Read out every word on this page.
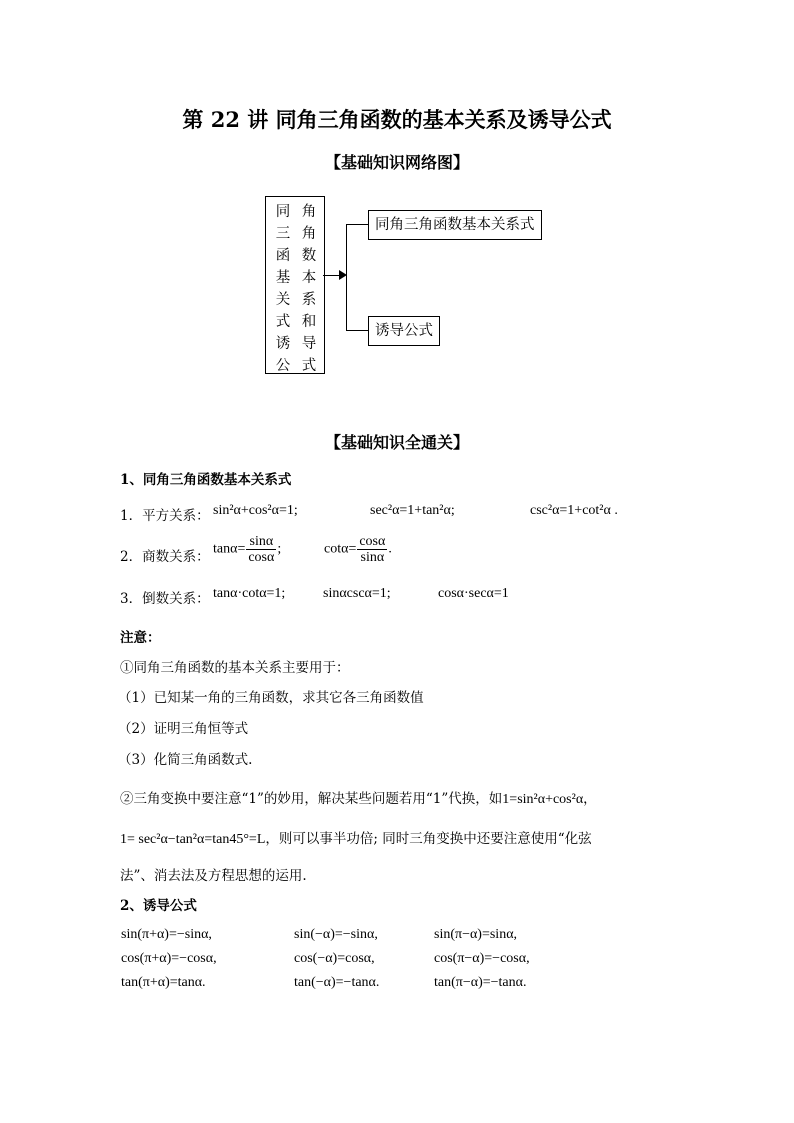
第 22 讲 同角三角函数的基本关系及诱导公式
【基础知识网络图】
同
三
函
基
关
式
诱
公
角
角
数
本
系
和
导
式
同角三角函数基本关系式
诱导公式
【基础知识全通关】
1、同角三角函数基本关系式
1．平方关系： sin²α+cos²α=1;	sec²α=1+tan²α;	csc²α=1+cot²α .
2．商数关系： $\tan\alpha= \frac{\sin\alpha}{\cos\alpha}$ ;	$\cot\alpha= \frac{\cos\alpha}{\sin\alpha}$ .
3．倒数关系： tanα·cotα=1;	sinαcscα=1;	cosα·secα=1
注意：
①同角三角函数的基本关系主要用于：
（1）已知某一角的三角函数，求其它各三角函数值
（2）证明三角恒等式
（3）化简三角函数式.
②三角变换中要注意“1”的妙用，解决某些问题若用“1”代换，如1=sin²α+cos²α，
1= sec²α−tan²α=tan45°=L，则可以事半功倍; 同时三角变换中还要注意使用“化弦
法”、消去法及方程思想的运用.
2、诱导公式
sin(π+α)=−sinα,	sin(−α)=−sinα,	sin(π−α)=sinα,
cos(π+α)=−cosα,	cos(−α)=cosα,	cos(π−α)=−cosα,
tan(π+α)=tanα.	tan(−α)=−tanα.	tan(π−α)=−tanα.
